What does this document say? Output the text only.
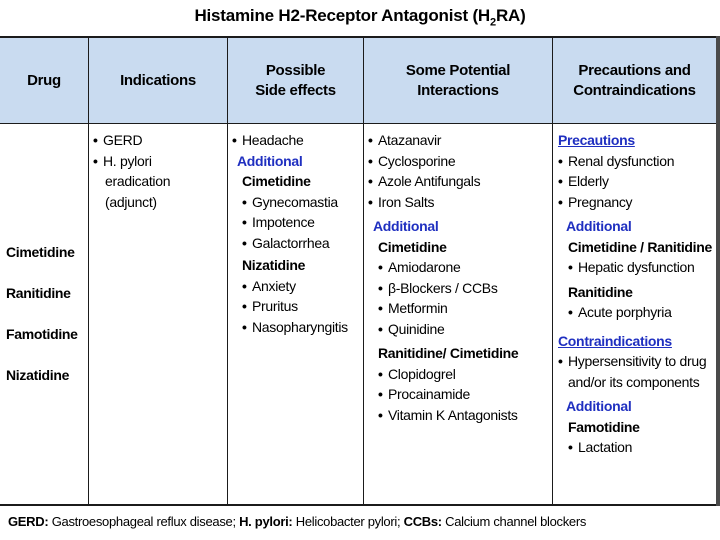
Histamine H2-Receptor Antagonist $(H_2RA)$
Drug	Indications
Possible
Side effects
Some Potential
Interactions
Precautions and
Contraindications
Cimetidine
Ranitidine
Famotidine
Nizatidine
• GERD
• H. pylori
eradication
(adjunct)
• Headache
Additional
Cimetidine
• Gynecomastia
• Impotence
• Galactorrhea
Nizatidine
• Anxiety
• Pruritus
• Nasopharyngitis
• Atazanavir
• Cyclosporine
• Azole Antifungals
• Iron Salts
Additional
Cimetidine
• Amiodarone
• β-Blockers / CCBs
• Metformin
• Quinidine
Ranitidine/ Cimetidine
• Clopidogrel
• Procainamide
• Vitamin K Antagonists
Precautions
• Renal dysfunction
• Elderly
• Pregnancy
Additional
Cimetidine / Ranitidine
• Hepatic dysfunction
Ranitidine
• Acute porphyria
Contraindications
• Hypersensitivity to drug
and/or its components
Additional
Famotidine
• Lactation
GERD: Gastroesophageal reflux disease; H. pylori: Helicobacter pylori; CCBs: Calcium channel blockers
